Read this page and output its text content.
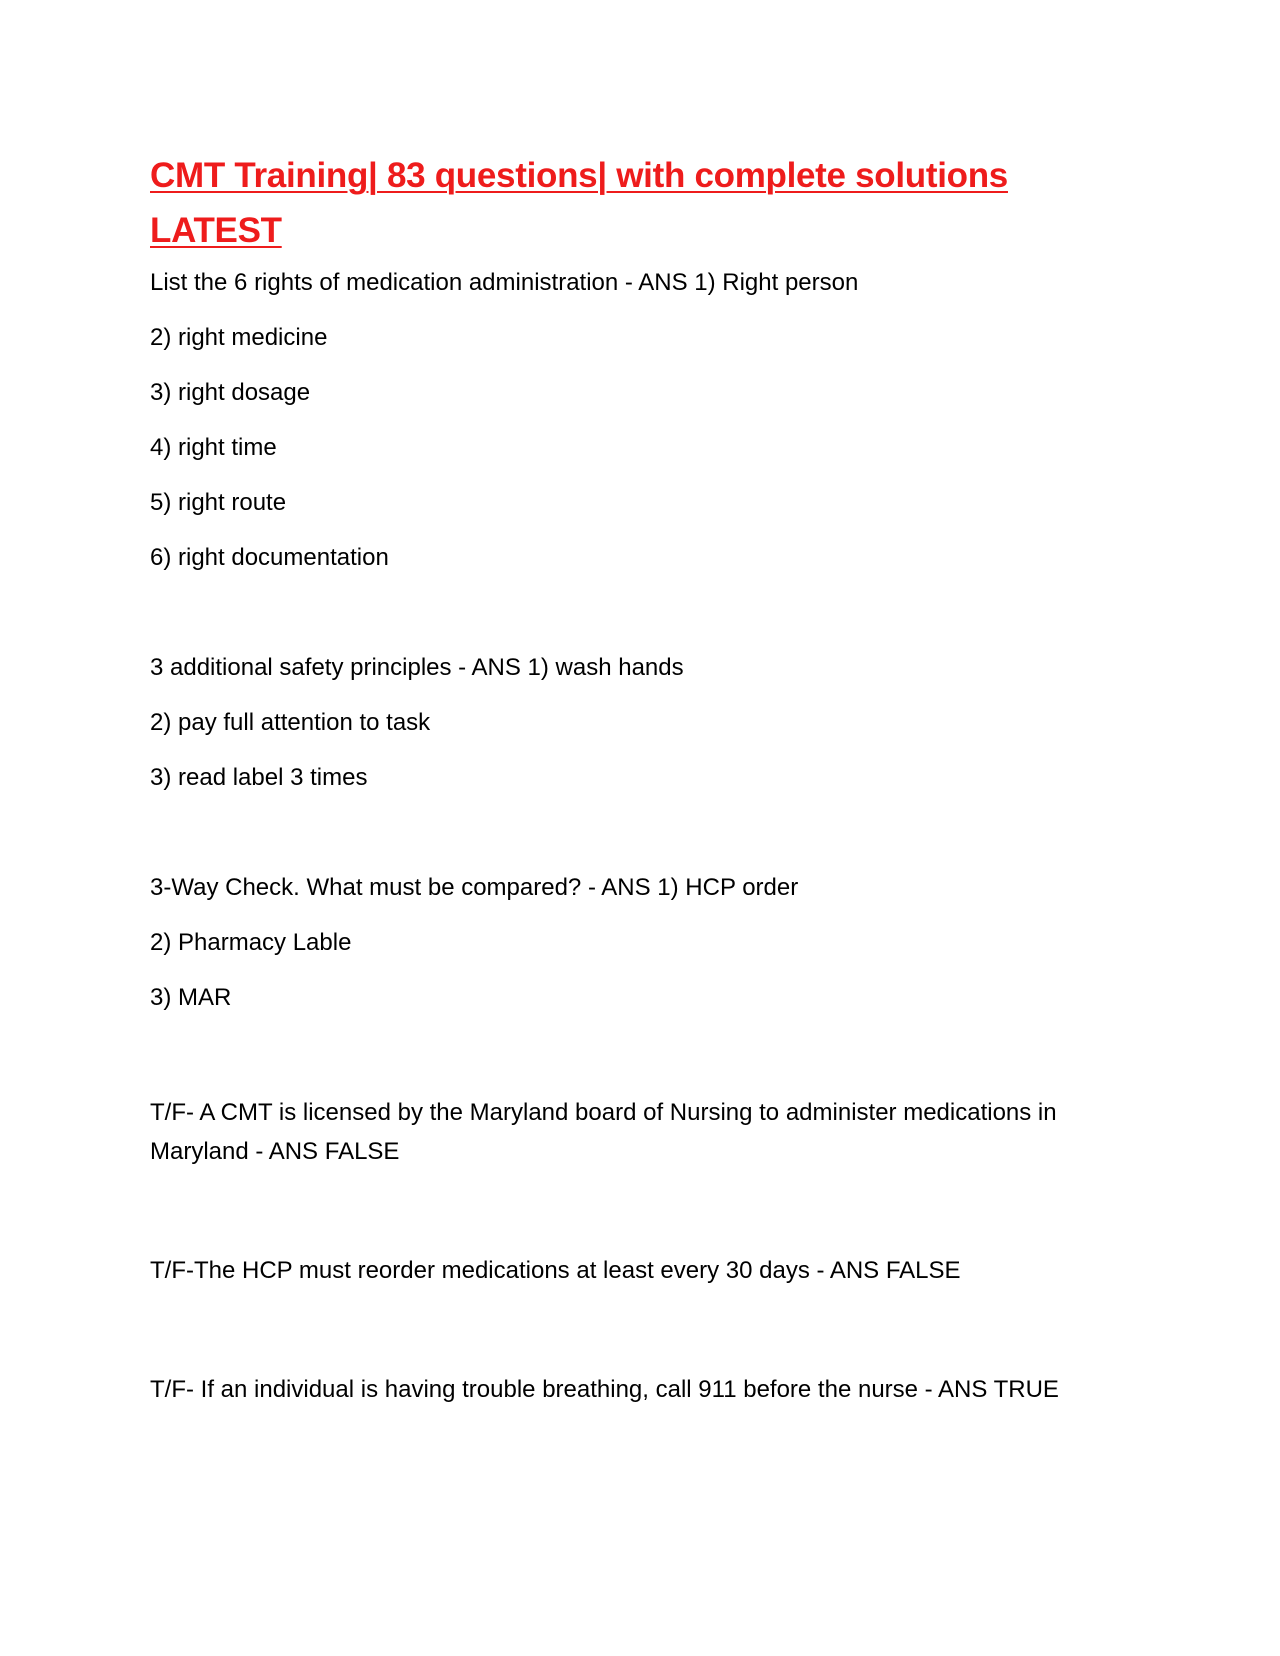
CMT Training| 83 questions| with complete solutions LATEST

List the 6 rights of medication administration - ANS 1) Right person

2) right medicine

3) right dosage

4) right time

5) right route

6) right documentation

3 additional safety principles - ANS 1) wash hands

2) pay full attention to task

3) read label 3 times

3-Way Check. What must be compared? - ANS 1) HCP order

2) Pharmacy Lable

3) MAR

T/F- A CMT is licensed by the Maryland board of Nursing to administer medications in Maryland - ANS FALSE

T/F-The HCP must reorder medications at least every 30 days - ANS FALSE

T/F- If an individual is having trouble breathing, call 911 before the nurse - ANS TRUE
